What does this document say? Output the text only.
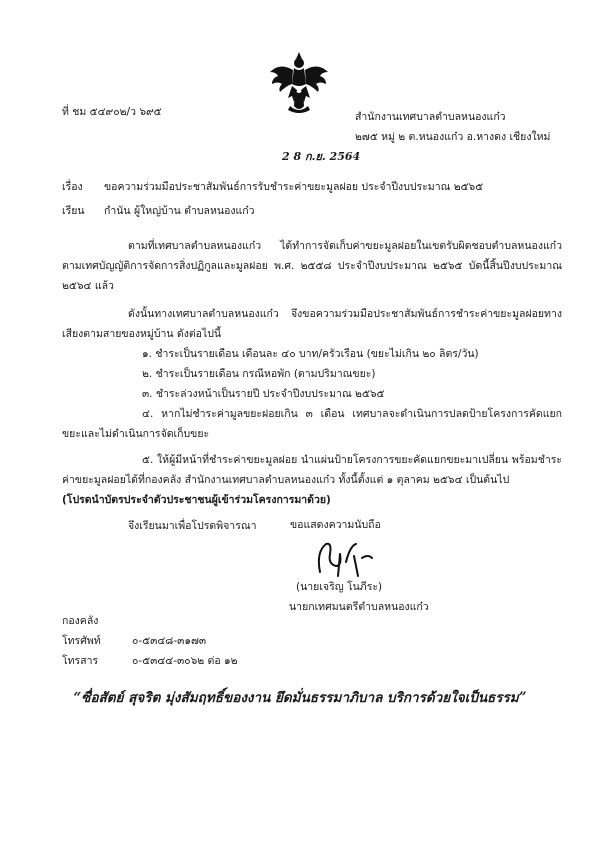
ที่ ชม ๕๔๙๐๒/ว ๖๙๕	สำนักงานเทศบาลตำบลหนองแก๋ว
๒๗๕ หมู่ ๒ ต.หนองแก๋ว อ.หางดง เชียงใหม่
2 8 ก.ย. 2564
เรื่อง ขอความร่วมมือประชาสัมพันธ์การรับชำระค่าขยะมูลฝอย ประจำปีงบประมาณ ๒๕๖๕
เรียน กำนัน ผู้ใหญ่บ้าน ตำบลหนองแก๋ว

ตามที่เทศบาลตำบลหนองแก๋ว ได้ทำการจัดเก็บค่าขยะมูลฝอยในเขตรับผิดชอบตำบลหนองแก๋ว ตามเทศบัญญัติการจัดการสิ่งปฏิกูลและมูลฝอย พ.ศ. ๒๕๕๘ ประจำปีงบประมาณ ๒๕๖๕ บัดนี้สิ้นปีงบประมาณ ๒๕๖๔ แล้ว

ดังนั้นทางเทศบาลตำบลหนองแก๋ว จึงขอความร่วมมือประชาสัมพันธ์การชำระค่าขยะมูลฝอยทางเสียงตามสายของหมู่บ้าน ดังต่อไปนี้

๑. ชำระเป็นรายเดือน เดือนละ ๔๐ บาท/ครัวเรือน (ขยะไม่เกิน ๒๐ ลิตร/วัน)
๒. ชำระเป็นรายเดือน กรณีหอพัก (ตามปริมาณขยะ)
๓. ชำระล่วงหน้าเป็นรายปี ประจำปีงบประมาณ ๒๕๖๕

๔. หากไม่ชำระค่ามูลขยะฝอยเกิน ๓ เดือน เทศบาลจะดำเนินการปลดป้ายโครงการคัดแยกขยะและไม่ดำเนินการจัดเก็บขยะ

๕. ให้ผู้มีหน้าที่ชำระค่าขยะมูลฝอย นำแผ่นป้ายโครงการขยะคัดแยกขยะมาเปลี่ยน พร้อมชำระค่าขยะมูลฝอยได้ที่กองคลัง สำนักงานเทศบาลตำบลหนองแก๋ว ทั้งนี้ตั้งแต่ ๑ ตุลาคม ๒๕๖๔ เป็นต้นไป

(โปรดนำบัตรประจำตัวประชาชนผู้เข้าร่วมโครงการมาด้วย)

จึงเรียนมาเพื่อโปรดพิจารณา	ขอแสดงความนับถือ
(นายเจริญ โนภีระ)
นายกเทศมนตรีตำบลหนองแก๋ว
กองคลัง
โทรศัพท์	๐-๕๓๔๘-๓๑๗๓
โทรสาร	๐-๕๓๔๔-๓๐๖๒ ต่อ ๑๒
“ซื่อสัตย์ สุจริต มุ่งสัมฤทธิ์ของงาน ยึดมั่นธรรมาภิบาล บริการด้วยใจเป็นธรรม”
